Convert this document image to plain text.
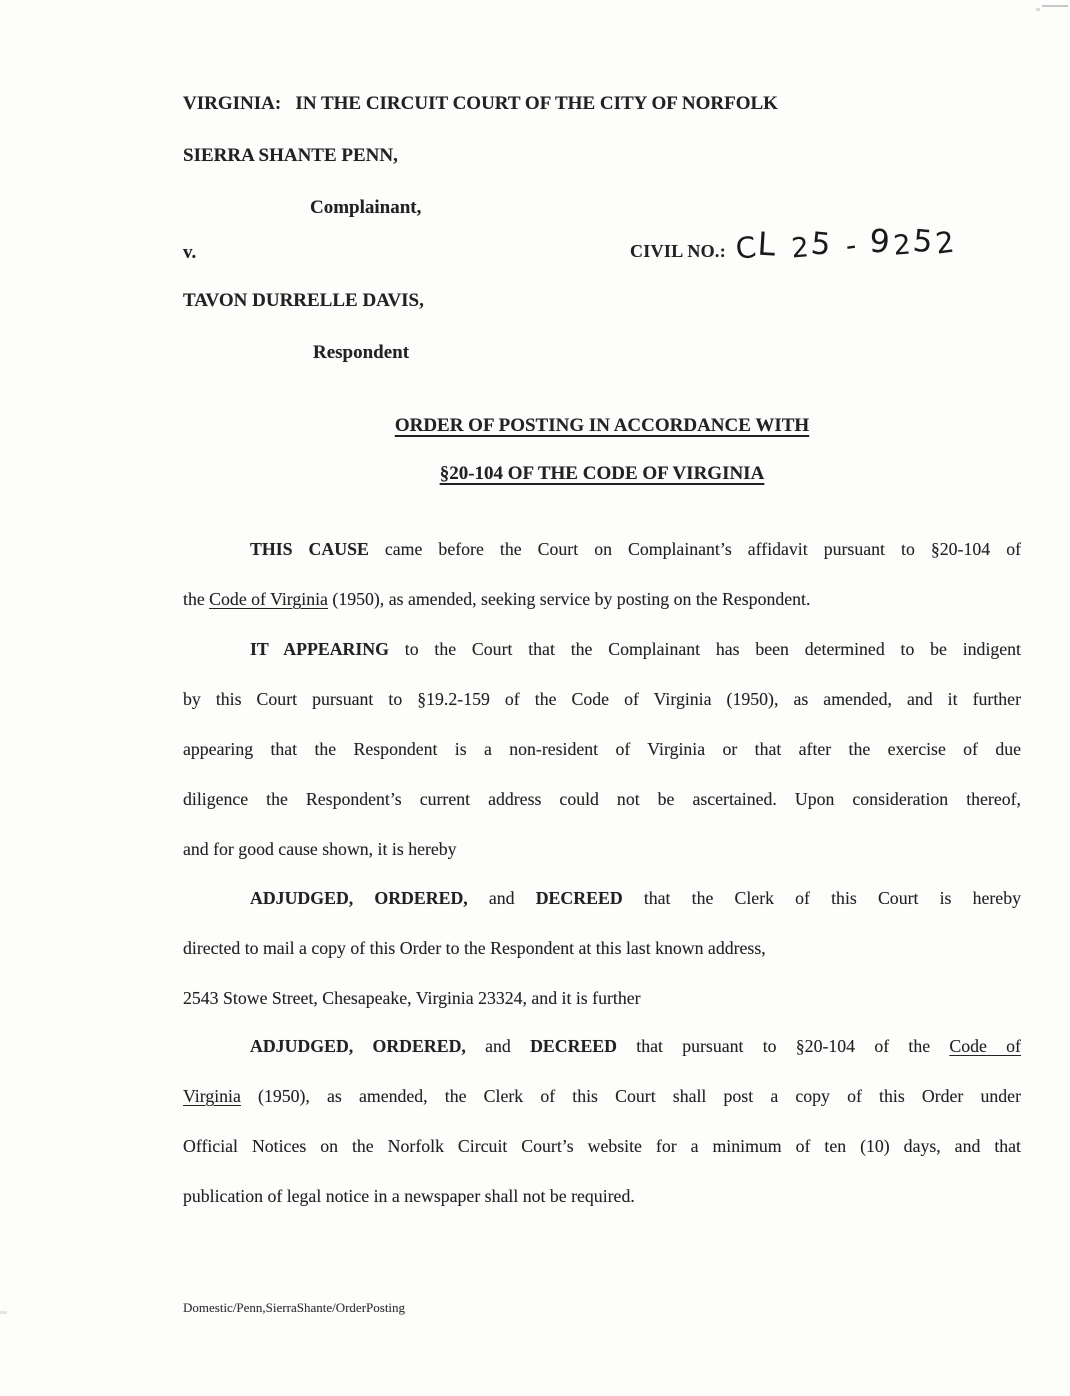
VIRGINIA:   IN THE CIRCUIT COURT OF THE CITY OF NORFOLK
SIERRA SHANTE PENN,
Complainant,
v.	CIVIL NO.: CL 25 - 9252
TAVON DURRELLE DAVIS,
Respondent
ORDER OF POSTING IN ACCORDANCE WITH
§20-104 OF THE CODE OF VIRGINIA
THIS CAUSE came before the Court on Complainant’s affidavit pursuant to §20-104 of
the Code of Virginia (1950), as amended, seeking service by posting on the Respondent.
IT APPEARING to the Court that the Complainant has been determined to be indigent
by this Court pursuant to §19.2-159 of the Code of Virginia (1950), as amended, and it further
appearing that the Respondent is a non-resident of Virginia or that after the exercise of due
diligence the Respondent’s current address could not be ascertained. Upon consideration thereof,
and for good cause shown, it is hereby
ADJUDGED, ORDERED, and DECREED that the Clerk of this Court is hereby
directed to mail a copy of this Order to the Respondent at this last known address,
2543 Stowe Street, Chesapeake, Virginia 23324, and it is further
ADJUDGED, ORDERED, and DECREED that pursuant to §20-104 of the Code of
Virginia (1950), as amended, the Clerk of this Court shall post a copy of this Order under
Official Notices on the Norfolk Circuit Court’s website for a minimum of ten (10) days, and that
publication of legal notice in a newspaper shall not be required.
Domestic/Penn,SierraShante/OrderPosting
